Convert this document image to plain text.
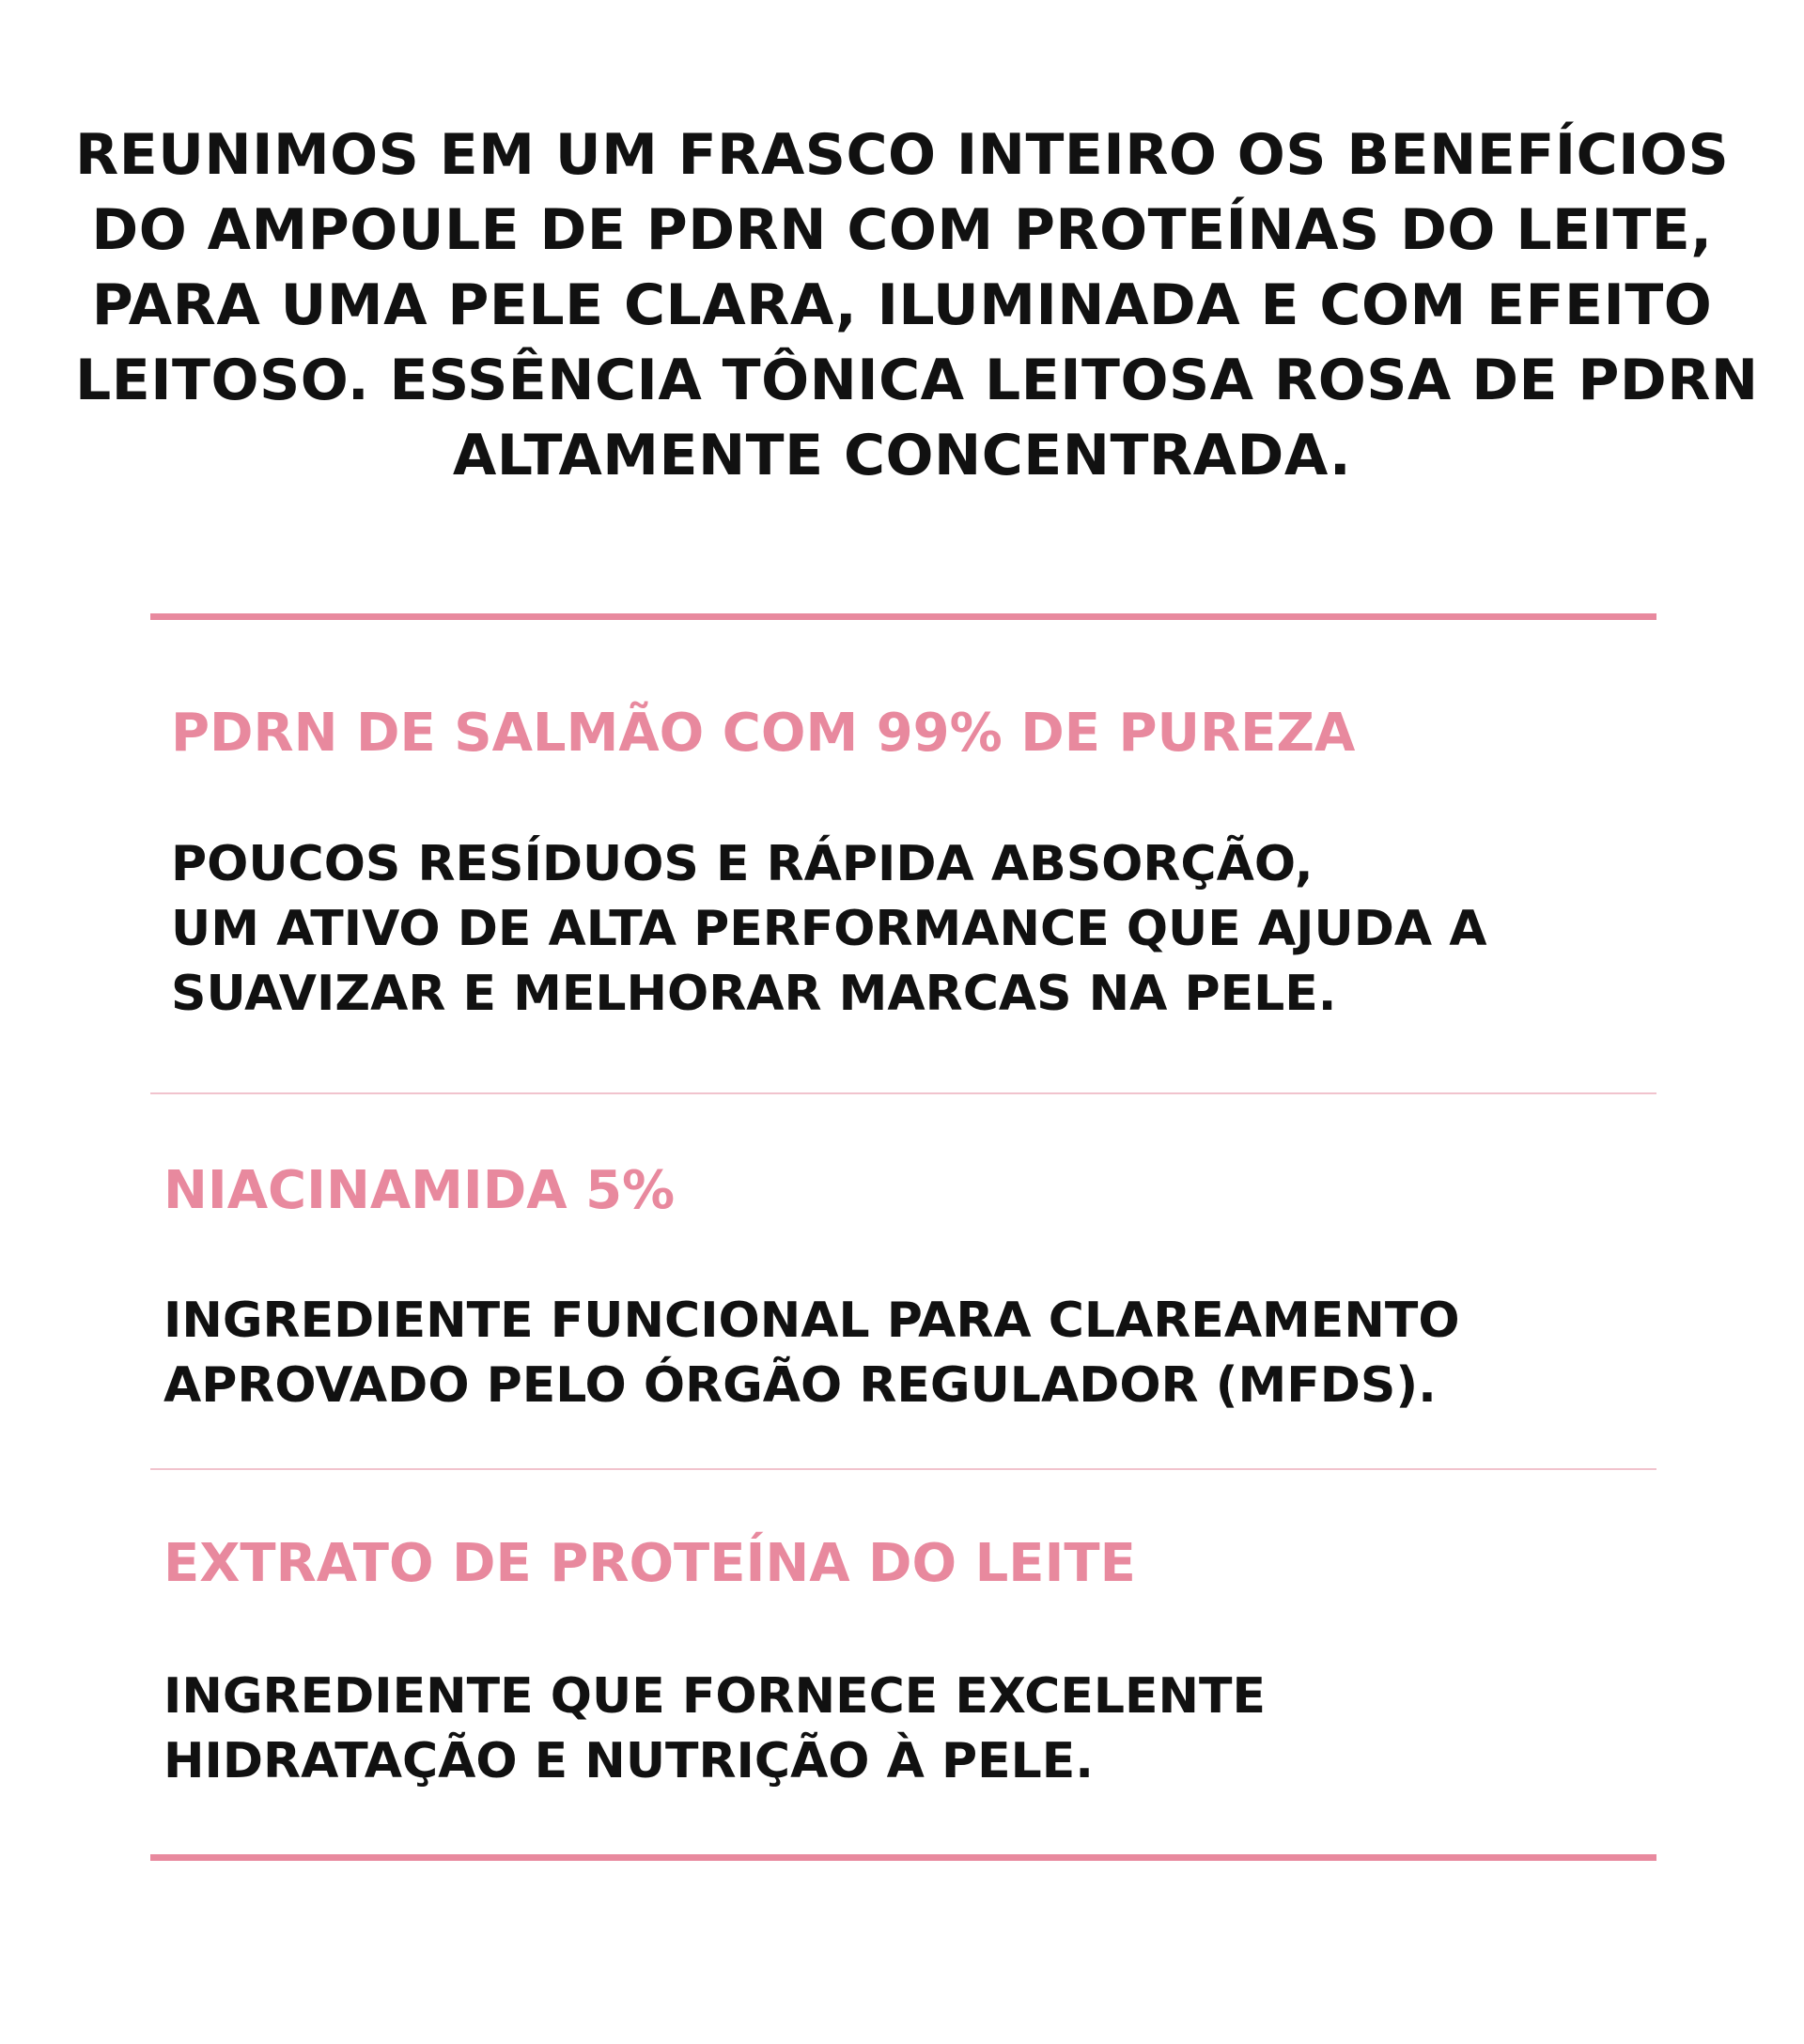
REUNIMOS EM UM FRASCO INTEIRO OS BENEFÍCIOS
DO AMPOULE DE PDRN COM PROTEÍNAS DO LEITE,
PARA UMA PELE CLARA, ILUMINADA E COM EFEITO
LEITOSO. ESSÊNCIA TÔNICA LEITOSA ROSA DE PDRN
ALTAMENTE CONCENTRADA.
PDRN DE SALMÃO COM 99% DE PUREZA
POUCOS RESÍDUOS E RÁPIDA ABSORÇÃO,
UM ATIVO DE ALTA PERFORMANCE QUE AJUDA A
SUAVIZAR E MELHORAR MARCAS NA PELE.
NIACINAMIDA 5%
INGREDIENTE FUNCIONAL PARA CLAREAMENTO
APROVADO PELO ÓRGÃO REGULADOR (MFDS).
EXTRATO DE PROTEÍNA DO LEITE
INGREDIENTE QUE FORNECE EXCELENTE
HIDRATAÇÃO E NUTRIÇÃO À PELE.
